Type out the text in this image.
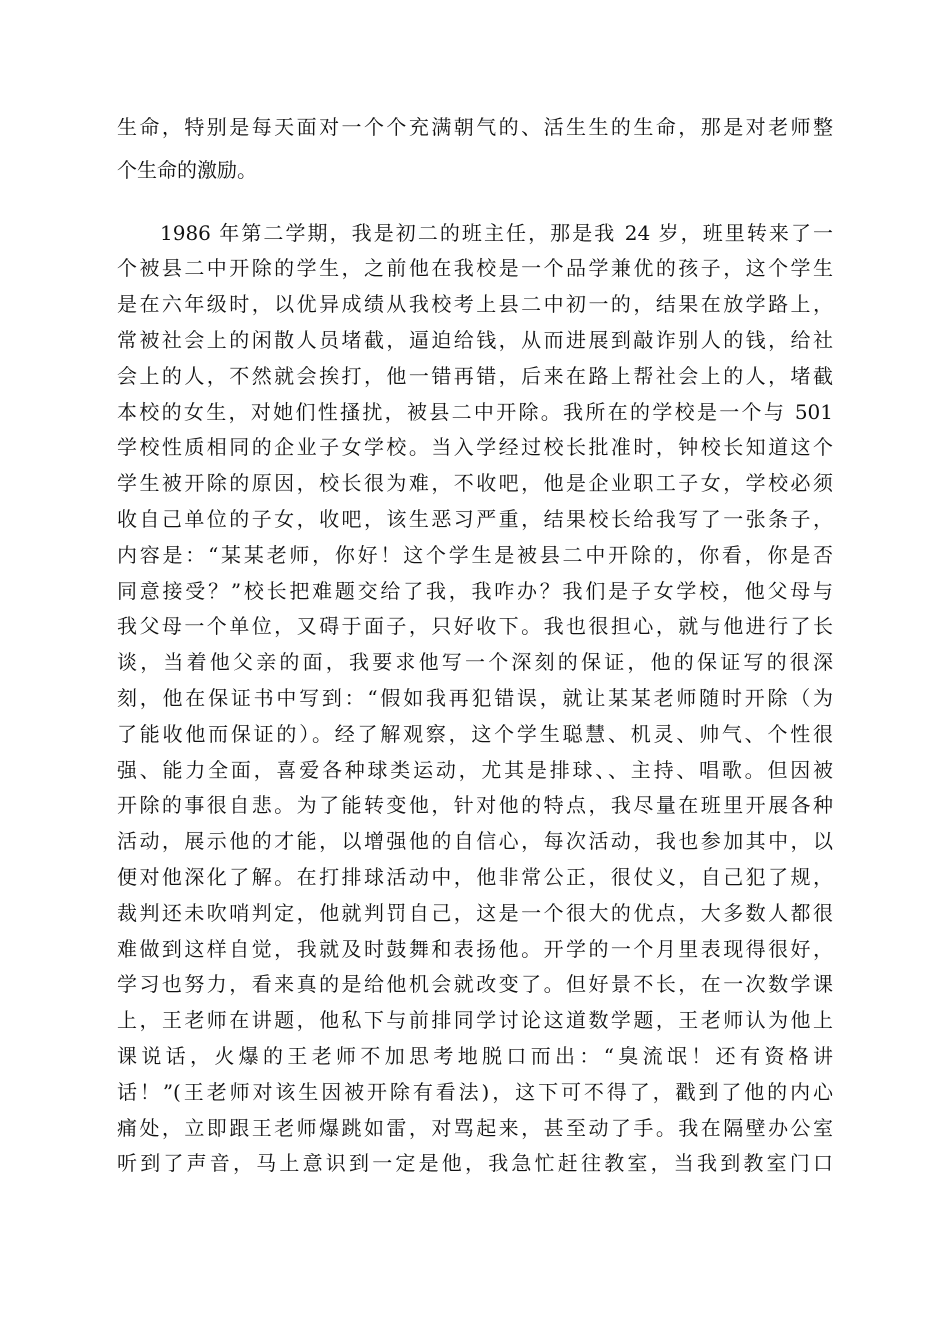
生命，特别是每天面对一个个充满朝气的、活生生的生命，那是对老师整
个生命的激励。
1986 年第二学期，我是初二的班主任，那是我 24 岁，班里转来了一
个被县二中开除的学生，之前他在我校是一个品学兼优的孩子，这个学生
是在六年级时，以优异成绩从我校考上县二中初一的，结果在放学路上，
常被社会上的闲散人员堵截，逼迫给钱，从而进展到敲诈别人的钱，给社
会上的人，不然就会挨打，他一错再错，后来在路上帮社会上的人，堵截
本校的女生，对她们性搔扰，被县二中开除。我所在的学校是一个与 501
学校性质相同的企业子女学校。当入学经过校长批准时，钟校长知道这个
学生被开除的原因，校长很为难，不收吧，他是企业职工子女，学校必须
收自己单位的子女，收吧，该生恶习严重，结果校长给我写了一张条子，
内容是：“某某老师，你好！这个学生是被县二中开除的，你看，你是否
同意接受？”校长把难题交给了我，我咋办？我们是子女学校，他父母与
我父母一个单位，又碍于面子，只好收下。我也很担心，就与他进行了长
谈，当着他父亲的面，我要求他写一个深刻的保证，他的保证写的很深
刻，他在保证书中写到：“假如我再犯错误，就让某某老师随时开除（为
了能收他而保证的）。经了解观察，这个学生聪慧、机灵、帅气、个性很
强、能力全面，喜爱各种球类运动，尤其是排球、、主持、唱歌。但因被
开除的事很自悲。为了能转变他，针对他的特点，我尽量在班里开展各种
活动，展示他的才能，以增强他的自信心，每次活动，我也参加其中，以
便对他深化了解。在打排球活动中，他非常公正，很仗义，自己犯了规，
裁判还未吹哨判定，他就判罚自己，这是一个很大的优点，大多数人都很
难做到这样自觉，我就及时鼓舞和表扬他。开学的一个月里表现得很好，
学习也努力，看来真的是给他机会就改变了。但好景不长，在一次数学课
上，王老师在讲题，他私下与前排同学讨论这道数学题，王老师认为他上
课说话，火爆的王老师不加思考地脱口而出：“臭流氓！还有资格讲
话！”(王老师对该生因被开除有看法)，这下可不得了，戳到了他的内心
痛处，立即跟王老师爆跳如雷，对骂起来，甚至动了手。我在隔壁办公室
听到了声音，马上意识到一定是他，我急忙赶往教室，当我到教室门口
